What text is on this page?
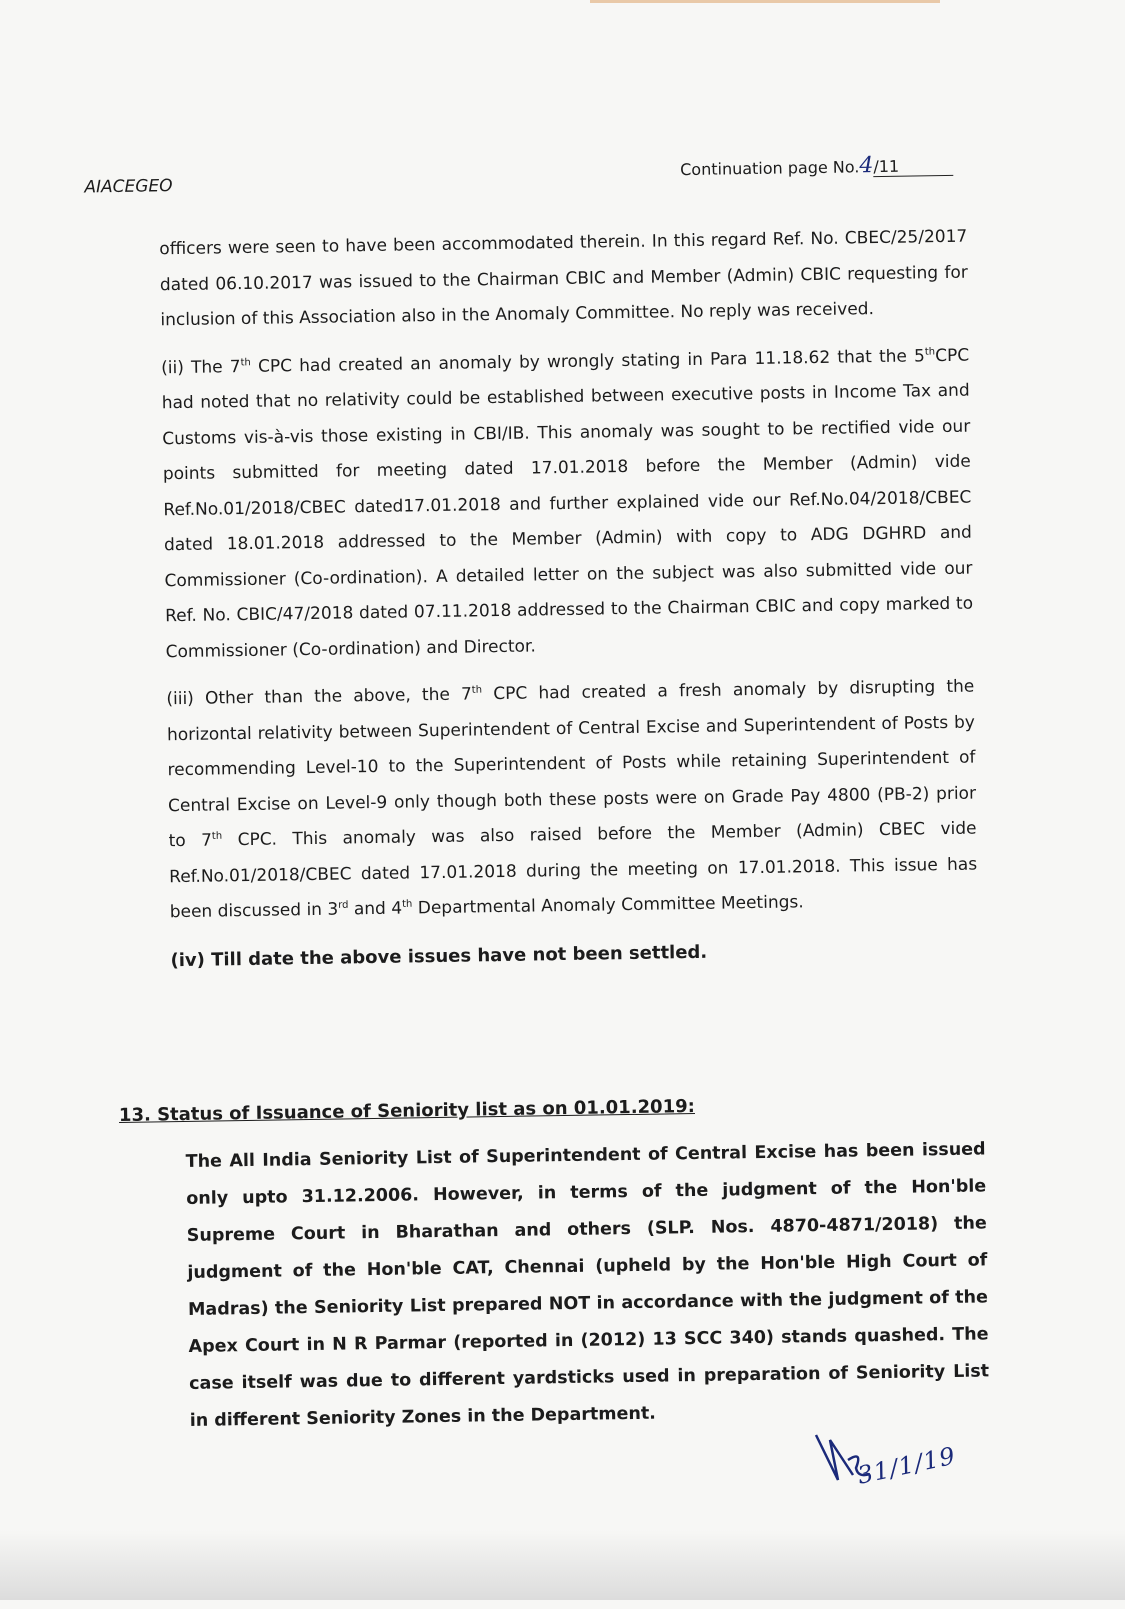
AIACEGEO
Continuation page No.4/11

officers were seen to have been accommodated therein. In this regard Ref. No. CBEC/25/2017 dated 06.10.2017 was issued to the Chairman CBIC and Member (Admin) CBIC requesting for inclusion of this Association also in the Anomaly Committee. No reply was received.

(ii) The 7th CPC had created an anomaly by wrongly stating in Para 11.18.62 that the 5thCPC had noted that no relativity could be established between executive posts in Income Tax and Customs vis-à-vis those existing in CBI/IB. This anomaly was sought to be rectified vide our points submitted for meeting dated 17.01.2018 before the Member (Admin) vide Ref.No.01/2018/CBEC dated17.01.2018 and further explained vide our Ref.No.04/2018/CBEC dated 18.01.2018 addressed to the Member (Admin) with copy to ADG DGHRD and Commissioner (Co-ordination). A detailed letter on the subject was also submitted vide our Ref. No. CBIC/47/2018 dated 07.11.2018 addressed to the Chairman CBIC and copy marked to Commissioner (Co-ordination) and Director.

(iii) Other than the above, the 7th CPC had created a fresh anomaly by disrupting the horizontal relativity between Superintendent of Central Excise and Superintendent of Posts by recommending Level-10 to the Superintendent of Posts while retaining Superintendent of Central Excise on Level-9 only though both these posts were on Grade Pay 4800 (PB-2) prior to 7th CPC. This anomaly was also raised before the Member (Admin) CBEC vide Ref.No.01/2018/CBEC dated 17.01.2018 during the meeting on 17.01.2018. This issue has been discussed in 3rd and 4th Departmental Anomaly Committee Meetings.

(iv) Till date the above issues have not been settled.

13. Status of Issuance of Seniority list as on 01.01.2019:
The All India Seniority List of Superintendent of Central Excise has been issued only upto 31.12.2006. However, in terms of the judgment of the Hon'ble Supreme Court in Bharathan and others (SLP. Nos. 4870-4871/2018) the judgment of the Hon'ble CAT, Chennai (upheld by the Hon'ble High Court of Madras) the Seniority List prepared NOT in accordance with the judgment of the Apex Court in N R Parmar (reported in (2012) 13 SCC 340) stands quashed. The case itself was due to different yardsticks used in preparation of Seniority List in different Seniority Zones in the Department.
31/1/19
